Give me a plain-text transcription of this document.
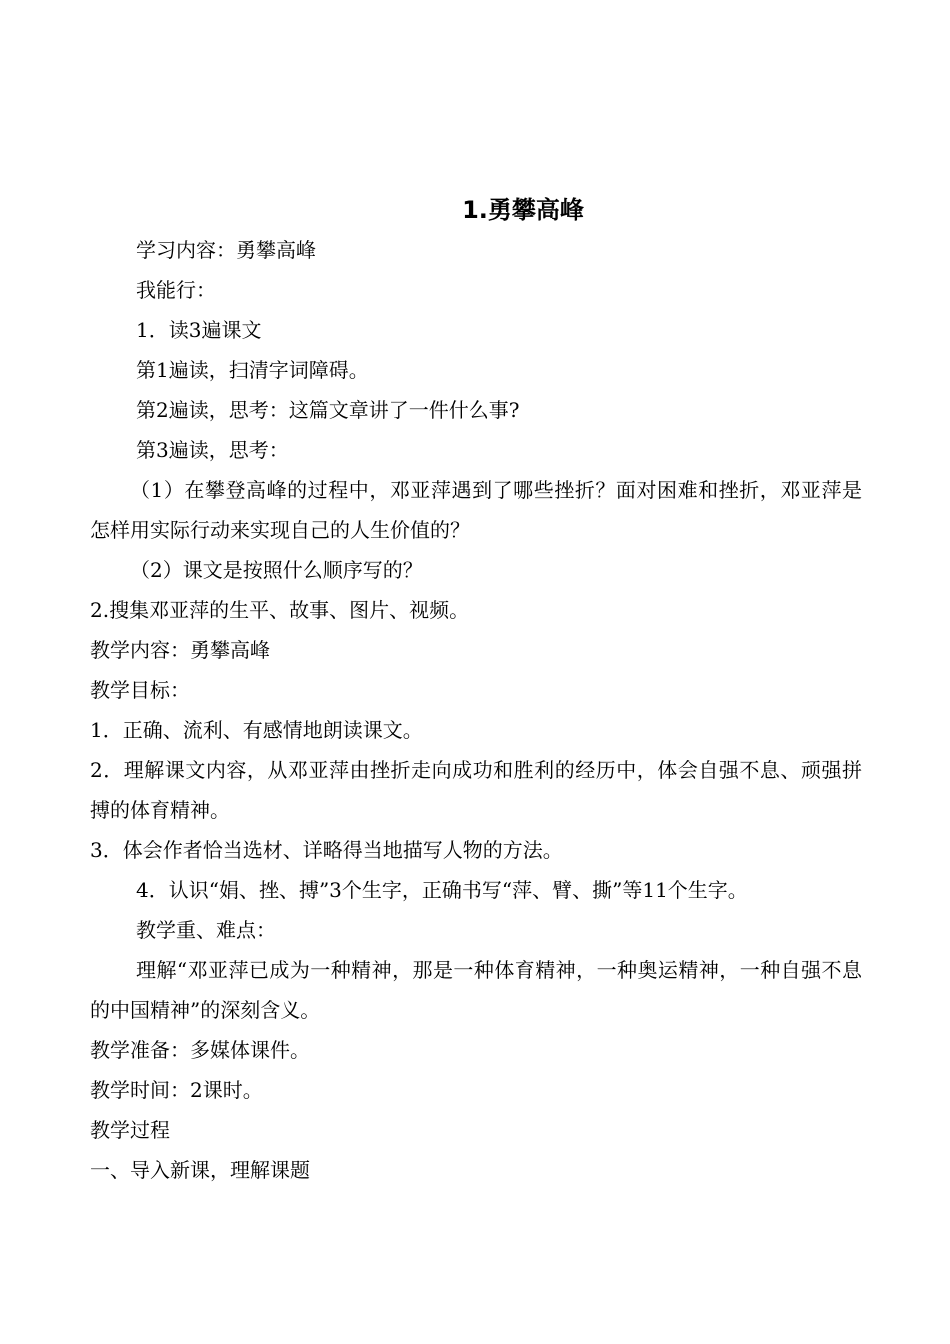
1.勇攀高峰

学习内容：勇攀高峰

我能行：

1．读3遍课文

第1遍读，扫清字词障碍。

第2遍读，思考：这篇文章讲了一件什么事?

第3遍读，思考：

（1）在攀登高峰的过程中，邓亚萍遇到了哪些挫折？面对困难和挫折，邓亚萍是怎样用实际行动来实现自己的人生价值的？

（2）课文是按照什么顺序写的？

2.搜集邓亚萍的生平、故事、图片、视频。

教学内容：勇攀高峰

教学目标：

1．正确、流利、有感情地朗读课文。

2．理解课文内容，从邓亚萍由挫折走向成功和胜利的经历中，体会自强不息、顽强拼搏的体育精神。

3．体会作者恰当选材、详略得当地描写人物的方法。

4．认识“娟、挫、搏”3个生字，正确书写“萍、臂、撕”等11个生字。

教学重、难点：

理解“邓亚萍已成为一种精神，那是一种体育精神，一种奥运精神，一种自强不息的中国精神”的深刻含义。

教学准备：多媒体课件。

教学时间：2课时。

教学过程

一、导入新课，理解课题
